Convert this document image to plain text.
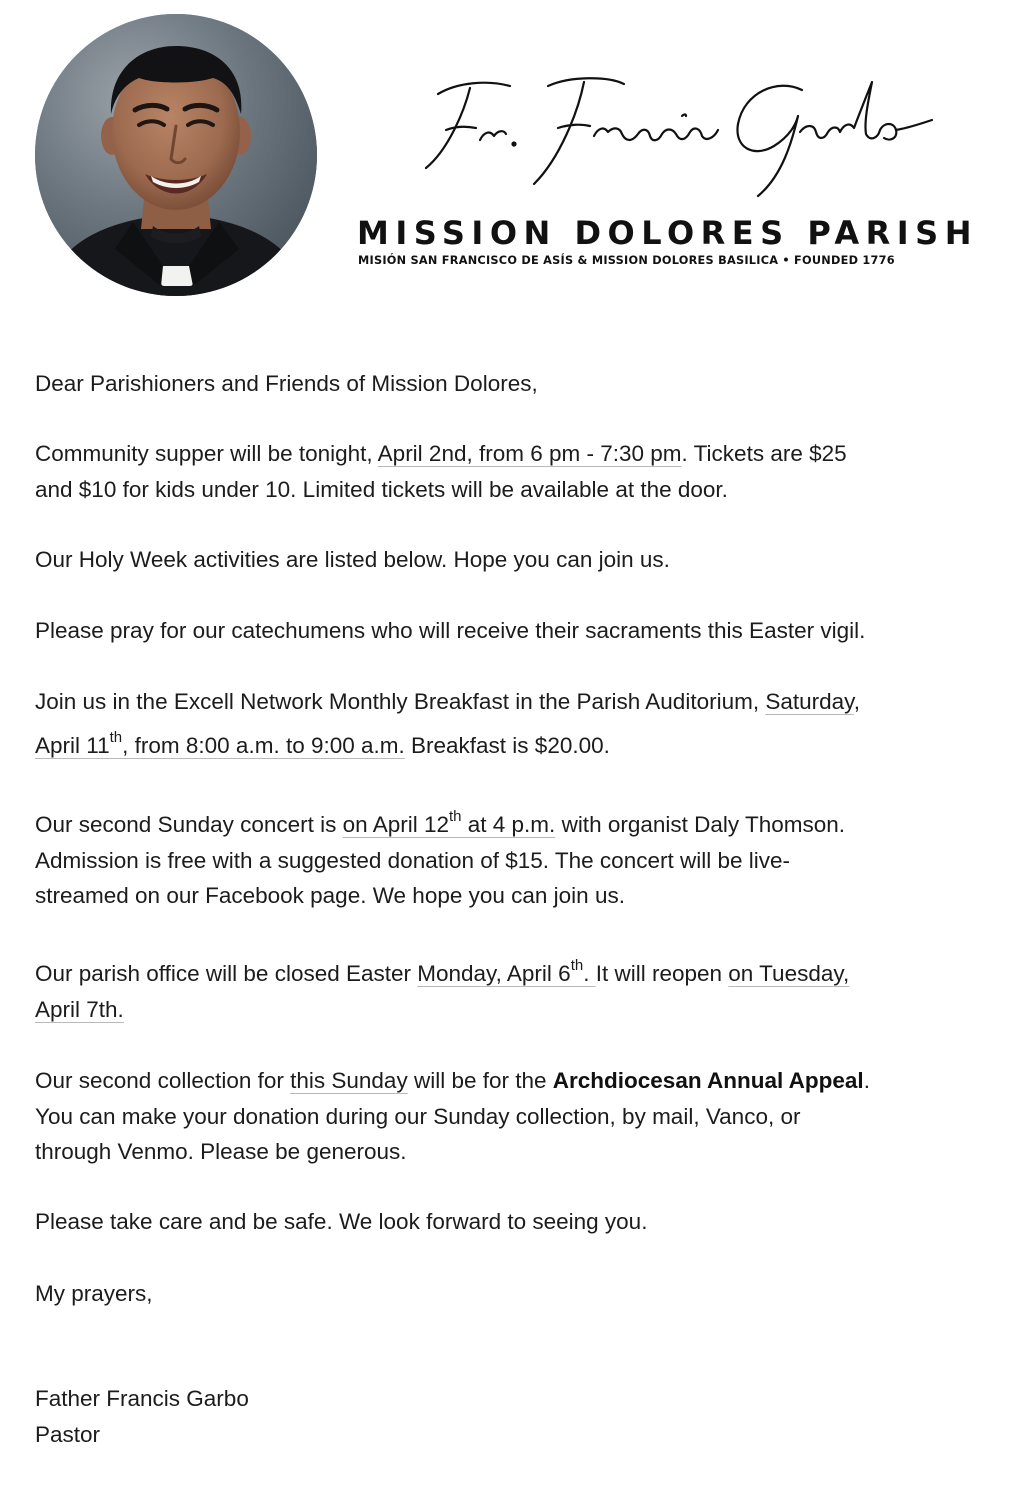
MISSION DOLORES PARISH
MISIÓN SAN FRANCISCO DE ASÍS & MISSION DOLORES BASILICA • FOUNDED 1776

Dear Parishioners and Friends of Mission Dolores,

Community supper will be tonight, April 2nd, from 6 pm - 7:30 pm. Tickets are $25
and $10 for kids under 10. Limited tickets will be available at the door.

Our Holy Week activities are listed below. Hope you can join us.

Please pray for our catechumens who will receive their sacraments this Easter vigil.

Join us in the Excell Network Monthly Breakfast in the Parish Auditorium, Saturday,
April 11th, from 8:00 a.m. to 9:00 a.m. Breakfast is $20.00.
Our second Sunday concert is on April 12th at 4 p.m. with organist Daly Thomson.
Admission is free with a suggested donation of $15. The concert will be live-
streamed on our Facebook page. We hope you can join us.
Our parish office will be closed Easter Monday, April 6th. It will reopen on Tuesday,
April 7th.
Our second collection for this Sunday will be for the Archdiocesan Annual Appeal.
You can make your donation during our Sunday collection, by mail, Vanco, or
through Venmo. Please be generous.

Please take care and be safe. We look forward to seeing you.

My prayers,

Father Francis Garbo

Pastor
